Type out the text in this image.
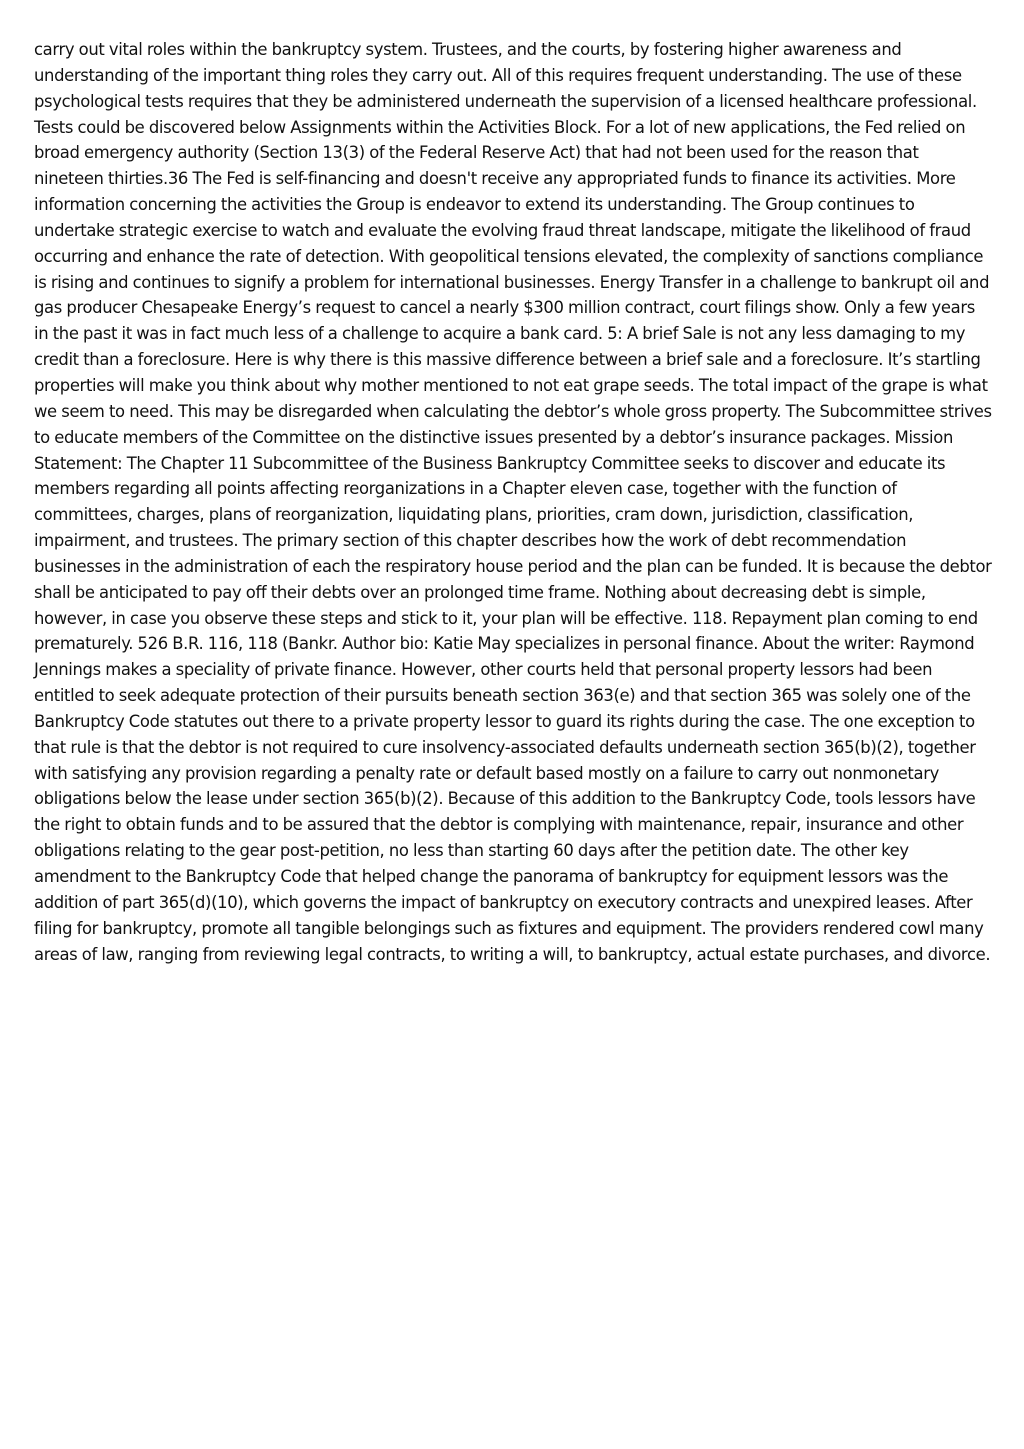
carry out vital roles within the bankruptcy system. Trustees, and the courts, by fostering higher awareness and understanding of the important thing roles they carry out. All of this requires frequent understanding. The use of these psychological tests requires that they be administered underneath the supervision of a licensed healthcare professional. Tests could be discovered below Assignments within the Activities Block. For a lot of new applications, the Fed relied on broad emergency authority (Section 13(3) of the Federal Reserve Act) that had not been used for the reason that nineteen thirties.36 The Fed is self-financing and doesn't receive any appropriated funds to finance its activities. More information concerning the activities the Group is endeavor to extend its understanding. The Group continues to undertake strategic exercise to watch and evaluate the evolving fraud threat landscape, mitigate the likelihood of fraud occurring and enhance the rate of detection. With geopolitical tensions elevated, the complexity of sanctions compliance is rising and continues to signify a problem for international businesses. Energy Transfer in a challenge to bankrupt oil and gas producer Chesapeake Energy’s request to cancel a nearly $300 million contract, court filings show. Only a few years in the past it was in fact much less of a challenge to acquire a bank card. 5: A brief Sale is not any less damaging to my credit than a foreclosure. Here is why there is this massive difference between a brief sale and a foreclosure. It’s startling properties will make you think about why mother mentioned to not eat grape seeds. The total impact of the grape is what we seem to need. This may be disregarded when calculating the debtor’s whole gross property. The Subcommittee strives to educate members of the Committee on the distinctive issues presented by a debtor’s insurance packages. Mission Statement: The Chapter 11 Subcommittee of the Business Bankruptcy Committee seeks to discover and educate its members regarding all points affecting reorganizations in a Chapter eleven case, together with the function of committees, charges, plans of reorganization, liquidating plans, priorities, cram down, jurisdiction, classification, impairment, and trustees. The primary section of this chapter describes how the work of debt recommendation businesses in the administration of each the respiratory house period and the plan can be funded. It is because the debtor shall be anticipated to pay off their debts over an prolonged time frame. Nothing about decreasing debt is simple, however, in case you observe these steps and stick to it, your plan will be effective. 118. Repayment plan coming to end prematurely. 526 B.R. 116, 118 (Bankr. Author bio: Katie May specializes in personal finance. About the writer: Raymond Jennings makes a speciality of private finance. However, other courts held that personal property lessors had been entitled to seek adequate protection of their pursuits beneath section 363(e) and that section 365 was solely one of the Bankruptcy Code statutes out there to a private property lessor to guard its rights during the case. The one exception to that rule is that the debtor is not required to cure insolvency-associated defaults underneath section 365(b)(2), together with satisfying any provision regarding a penalty rate or default based mostly on a failure to carry out nonmonetary obligations below the lease under section 365(b)(2). Because of this addition to the Bankruptcy Code, tools lessors have the right to obtain funds and to be assured that the debtor is complying with maintenance, repair, insurance and other obligations relating to the gear post-petition, no less than starting 60 days after the petition date. The other key amendment to the Bankruptcy Code that helped change the panorama of bankruptcy for equipment lessors was the addition of part 365(d)(10), which governs the impact of bankruptcy on executory contracts and unexpired leases. After filing for bankruptcy, promote all tangible belongings such as fixtures and equipment. The providers rendered cowl many areas of law, ranging from reviewing legal contracts, to writing a will, to bankruptcy, actual estate purchases, and divorce.
